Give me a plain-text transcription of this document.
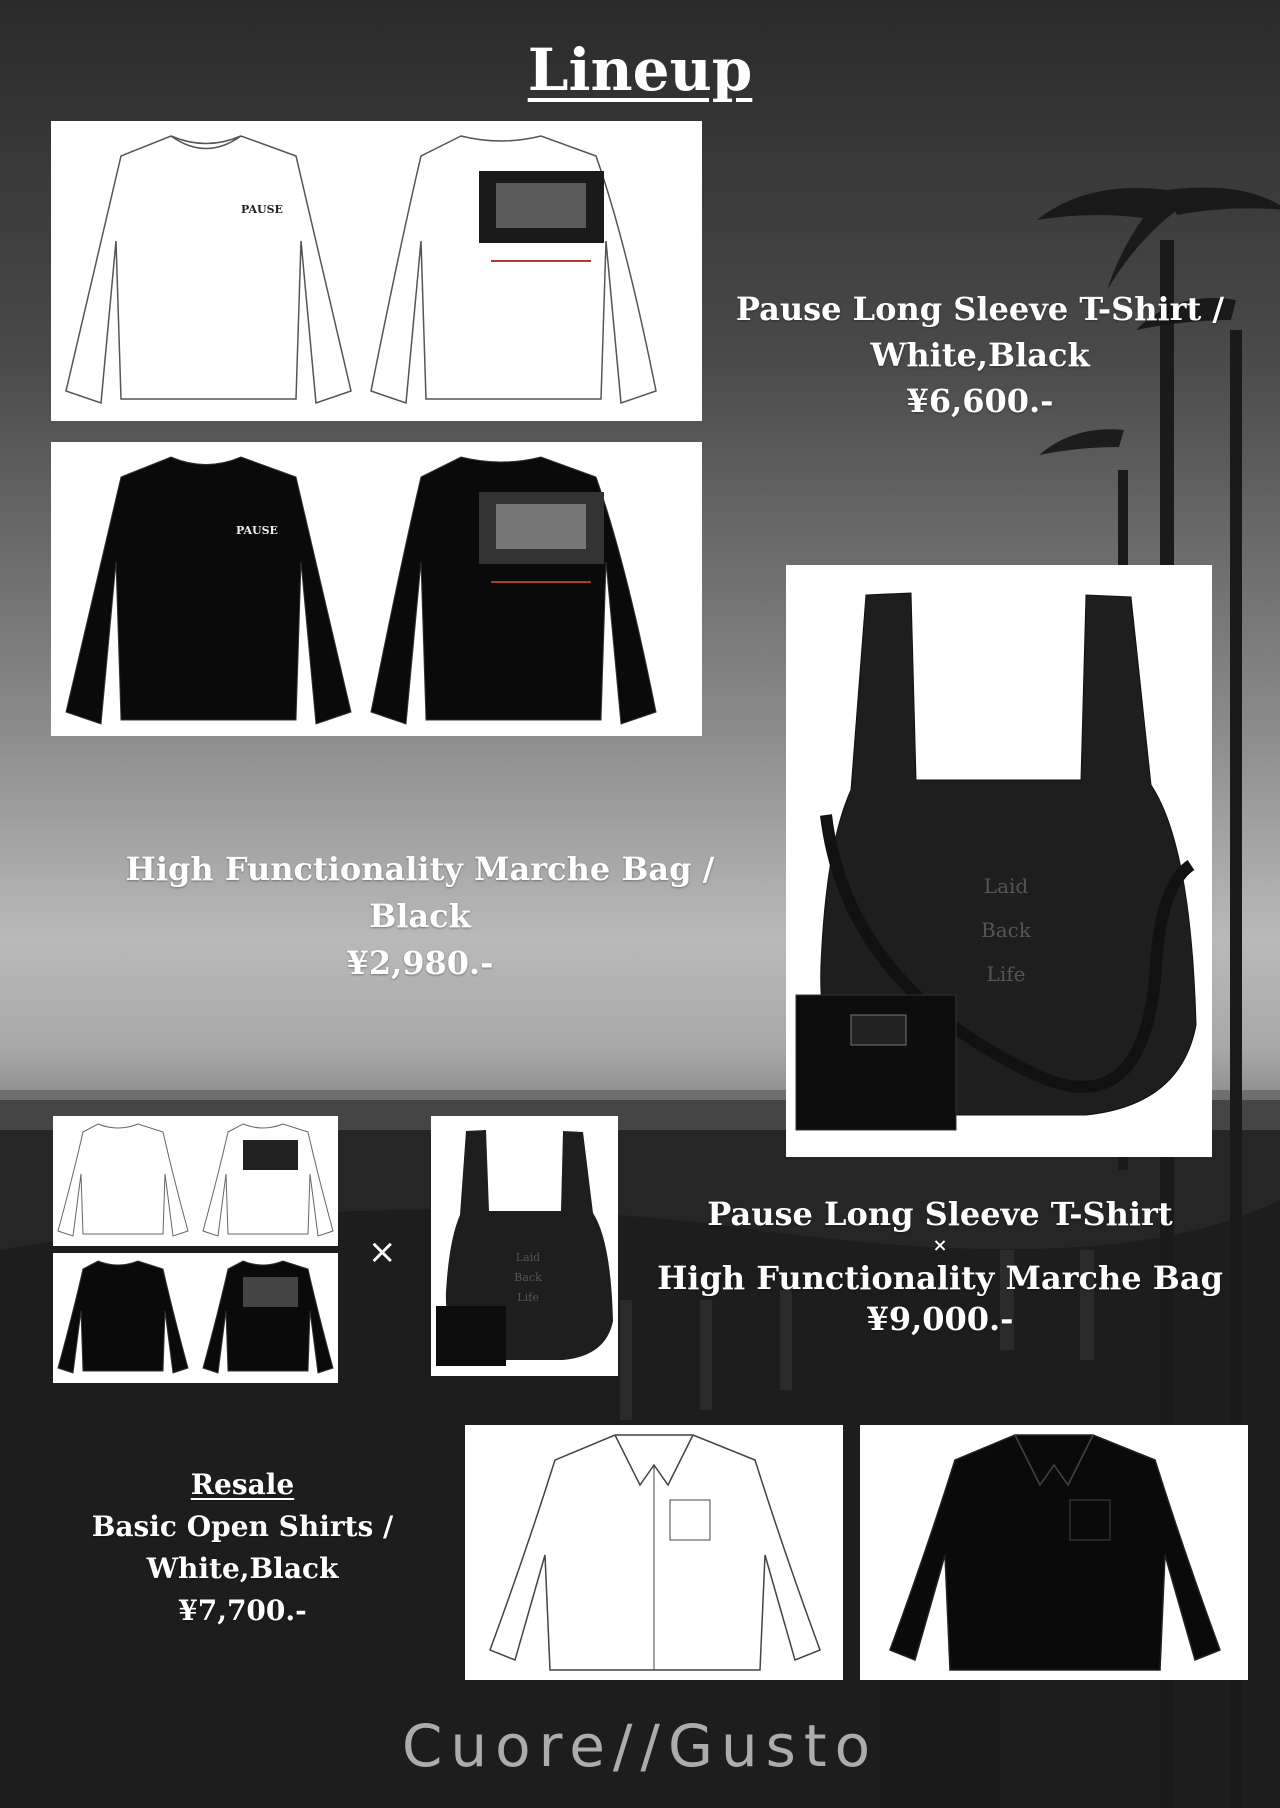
Lineup
PAUSE
PAUSE
Pause Long Sleeve T-Shirt /
White,Black
¥6,600.-
Laid
Back
Life
High Functionality Marche Bag /
Black
¥2,980.-
×	Laid
Back
Life
Pause Long Sleeve T-Shirt
×
High Functionality Marche Bag
¥9,000.-
Resale
Basic Open Shirts /
White,Black
¥7,700.-
Cuore//Gusto
